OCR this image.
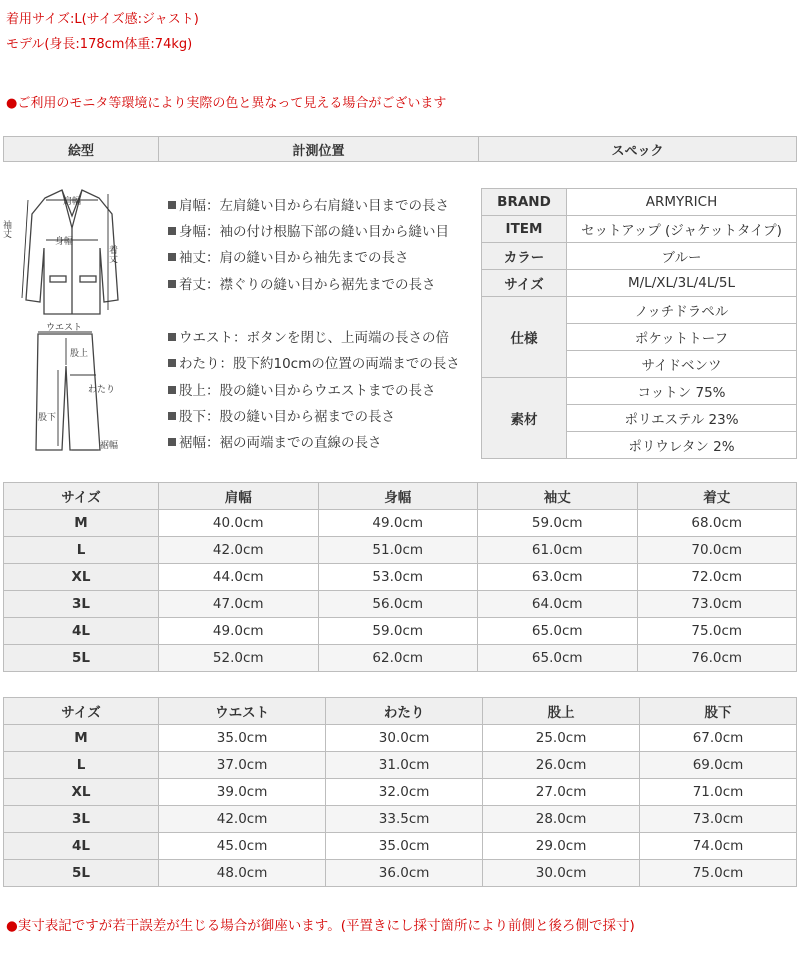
着用サイズ:L(サイズ感:ジャスト)
モデル(身長:178cm体重:74kg)
●ご利用のモニタ等環境により実際の色と異なって見える場合がございます
絵型	計測位置	スペック
肩幅
身幅
袖丈
着丈
ウエスト
股上
わたり
股下
裾幅
肩幅：左肩縫い目から右肩縫い目までの長さ
身幅：袖の付け根脇下部の縫い目から縫い目
袖丈：肩の縫い目から袖先までの長さ
着丈：襟ぐりの縫い目から裾先までの長さ
ウエスト：ボタンを閉じ、上両端の長さの倍
わたり：股下約10cmの位置の両端までの長さ
股上：股の縫い目からウエストまでの長さ
股下：股の縫い目から裾までの長さ
裾幅：裾の両端までの直線の長さ
BRAND	ARMYRICH
ITEM	セットアップ (ジャケットタイプ)
カラー	ブルー
サイズ	M/L/XL/3L/4L/5L
仕様	ノッチドラペル
	ポケットトーフ
	サイドベンツ
素材	コットン 75%
	ポリエステル 23%
	ポリウレタン 2%
サイズ	肩幅	身幅	袖丈	着丈
M	40.0cm	49.0cm	59.0cm	68.0cm
L	42.0cm	51.0cm	61.0cm	70.0cm
XL	44.0cm	53.0cm	63.0cm	72.0cm
3L	47.0cm	56.0cm	64.0cm	73.0cm
4L	49.0cm	59.0cm	65.0cm	75.0cm
5L	52.0cm	62.0cm	65.0cm	76.0cm
サイズ	ウエスト	わたり	股上	股下
M	35.0cm	30.0cm	25.0cm	67.0cm
L	37.0cm	31.0cm	26.0cm	69.0cm
XL	39.0cm	32.0cm	27.0cm	71.0cm
3L	42.0cm	33.5cm	28.0cm	73.0cm
4L	45.0cm	35.0cm	29.0cm	74.0cm
5L	48.0cm	36.0cm	30.0cm	75.0cm
●実寸表記ですが若干誤差が生じる場合が御座います。(平置きにし採寸箇所により前側と後ろ側で採寸)
